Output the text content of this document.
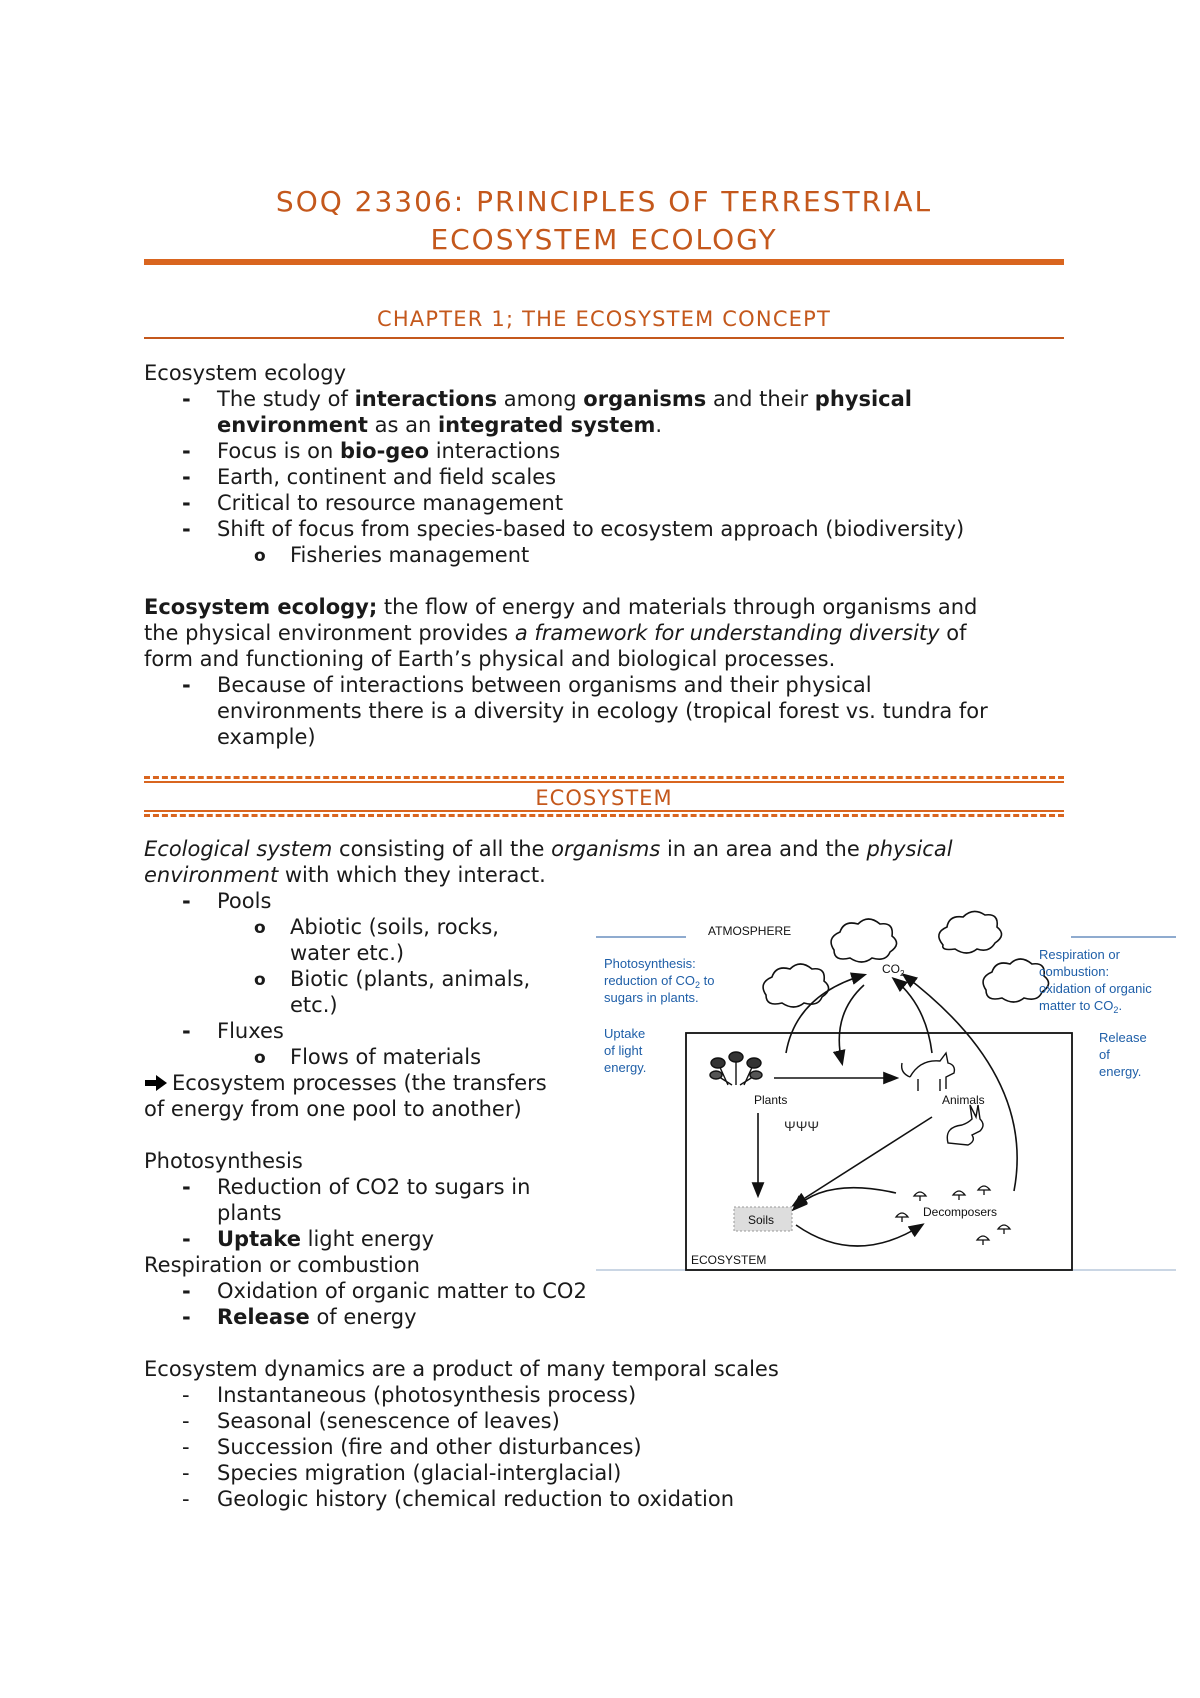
SOQ 23306: PRINCIPLES OF TERRESTRIAL
ECOSYSTEM ECOLOGY
CHAPTER 1; THE ECOSYSTEM CONCEPT
Ecosystem ecology
- The study of interactions among organisms and their physical
environment as an integrated system.
- Focus is on bio-geo interactions
- Earth, continent and field scales
- Critical to resource management
- Shift of focus from species-based to ecosystem approach (biodiversity)
o Fisheries management
Ecosystem ecology; the flow of energy and materials through organisms and
the physical environment provides a framework for understanding diversity of
form and functioning of Earth’s physical and biological processes.
- Because of interactions between organisms and their physical
environments there is a diversity in ecology (tropical forest vs. tundra for
example)
ECOSYSTEM
Ecological system consisting of all the organisms in an area and the physical
environment with which they interact.
- Pools
o Abiotic (soils, rocks,
water etc.)
o Biotic (plants, animals,
etc.)
- Fluxes
o Flows of materials
Ecosystem processes (the transfers
of energy from one pool to another)
Photosynthesis
- Reduction of CO2 to sugars in
plants
- Uptake light energy
Respiration or combustion
- Oxidation of organic matter to CO2
- Release of energy
Ecosystem dynamics are a product of many temporal scales
- Instantaneous (photosynthesis process)
- Seasonal (senescence of leaves)
- Succession (fire and other disturbances)
- Species migration (glacial-interglacial)
- Geologic history (chemical reduction to oxidation
ATMOSPHERE
$CO_2$
Photosynthesis:
reduction of $CO_2$ to
sugars in plants.
Uptake
of light
energy.
Respiration or
combustion:
oxidation of organic
matter to $CO_2$.
Release
of
energy.
Plants	Animals
ΨΨΨ
Soils
Decomposers
ECOSYSTEM
